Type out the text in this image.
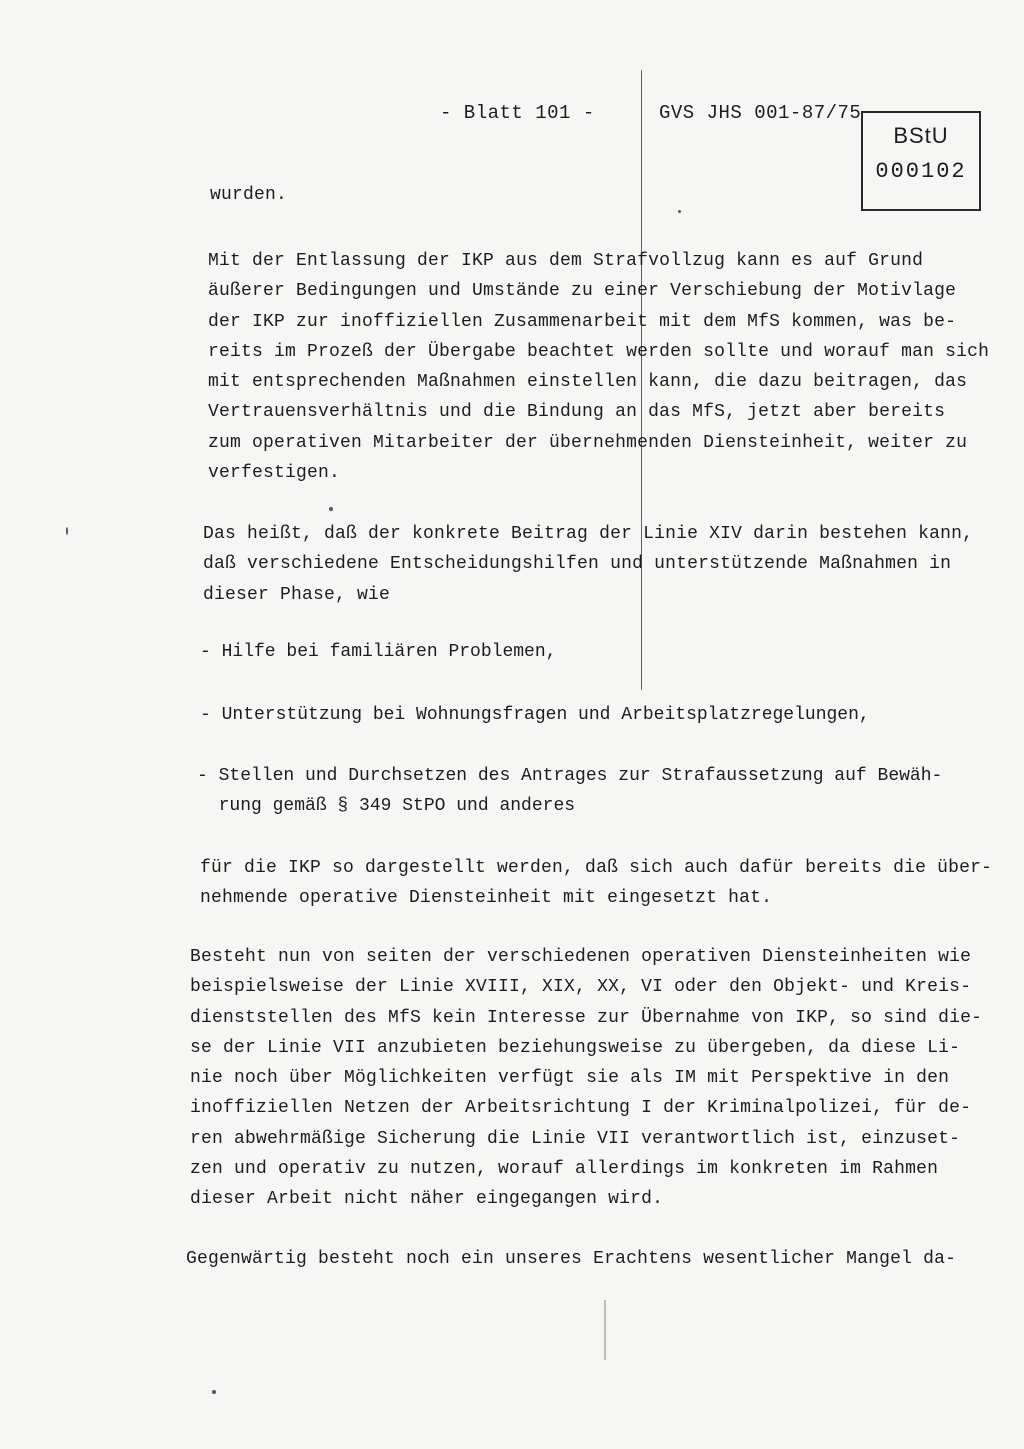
- Blatt 101 -	GVS JHS 001-87/75
BStU
000102

wurden.

Mit der Entlassung der IKP aus dem Strafvollzug kann es auf Grund
äußerer Bedingungen und Umstände zu einer Verschiebung der Motivlage
der IKP zur inoffiziellen Zusammenarbeit mit dem MfS kommen, was be-
reits im Prozeß der Übergabe beachtet werden sollte und worauf man sich
mit entsprechenden Maßnahmen einstellen kann, die dazu beitragen, das
Vertrauensverhältnis und die Bindung an das MfS, jetzt aber bereits
zum operativen Mitarbeiter der übernehmenden Diensteinheit, weiter zu
verfestigen.

Das heißt, daß der konkrete Beitrag der Linie XIV darin bestehen kann,
daß verschiedene Entscheidungshilfen und unterstützende Maßnahmen in
dieser Phase, wie

- Hilfe bei familiären Problemen,

- Unterstützung bei Wohnungsfragen und Arbeitsplatzregelungen,

- Stellen und Durchsetzen des Antrages zur Strafaussetzung auf Bewäh-
rung gemäß § 349 StPO und anderes

für die IKP so dargestellt werden, daß sich auch dafür bereits die über-
nehmende operative Diensteinheit mit eingesetzt hat.

Besteht nun von seiten der verschiedenen operativen Diensteinheiten wie
beispielsweise der Linie XVIII, XIX, XX, VI oder den Objekt- und Kreis-
dienststellen des MfS kein Interesse zur Übernahme von IKP, so sind die-
se der Linie VII anzubieten beziehungsweise zu übergeben, da diese Li-
nie noch über Möglichkeiten verfügt sie als IM mit Perspektive in den
inoffiziellen Netzen der Arbeitsrichtung I der Kriminalpolizei, für de-
ren abwehrmäßige Sicherung die Linie VII verantwortlich ist, einzuset-
zen und operativ zu nutzen, worauf allerdings im konkreten im Rahmen
dieser Arbeit nicht näher eingegangen wird.

Gegenwärtig besteht noch ein unseres Erachtens wesentlicher Mangel da-
